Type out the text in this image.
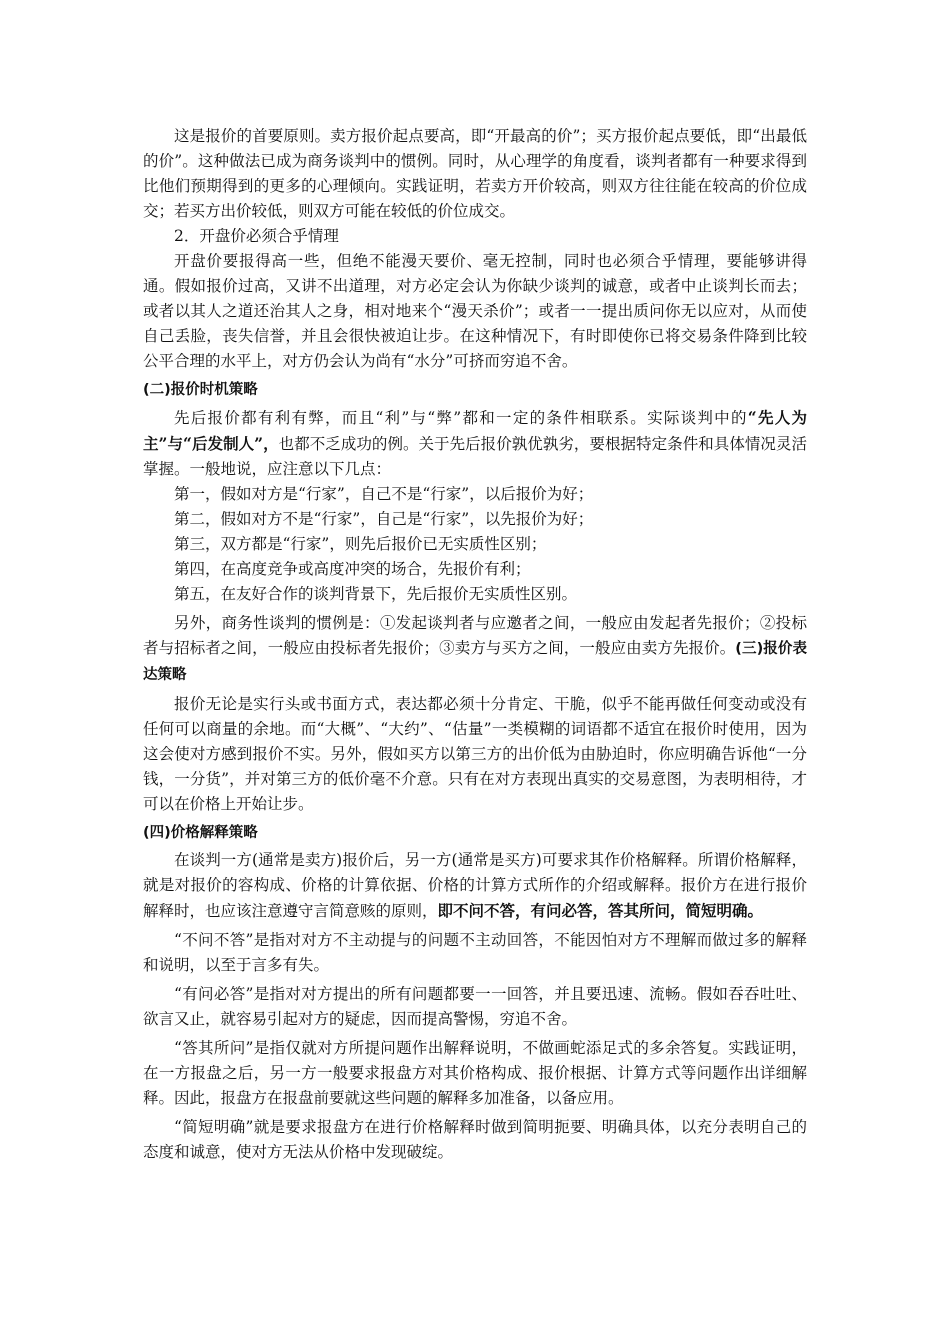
这是报价的首要原则。卖方报价起点要高，即“开最高的价”；买方报价起点要低，即“出最低的价”。这种做法已成为商务谈判中的惯例。同时，从心理学的角度看，谈判者都有一种要求得到比他们预期得到的更多的心理倾向。实践证明，若卖方开价较高，则双方往往能在较高的价位成交；若买方出价较低，则双方可能在较低的价位成交。

2．开盘价必须合乎情理

开盘价要报得高一些，但绝不能漫天要价、毫无控制，同时也必须合乎情理，要能够讲得通。假如报价过高，又讲不出道理，对方必定会认为你缺少谈判的诚意，或者中止谈判长而去；或者以其人之道还治其人之身，相对地来个“漫天杀价”；或者一一提出质问你无以应对，从而使自己丢脸，丧失信誉，并且会很快被迫让步。在这种情况下，有时即使你已将交易条件降到比较公平合理的水平上，对方仍会认为尚有“水分”可挤而穷追不舍。

(二)报价时机策略

先后报价都有利有弊，而且“利”与“弊”都和一定的条件相联系。实际谈判中的“先人为主”与“后发制人”，也都不乏成功的例。关于先后报价孰优孰劣，要根据特定条件和具体情况灵活掌握。一般地说，应注意以下几点：

第一，假如对方是“行家”，自己不是“行家”，以后报价为好；

第二，假如对方不是“行家”，自己是“行家”，以先报价为好；

第三，双方都是“行家”，则先后报价已无实质性区别；

第四，在高度竞争或高度冲突的场合，先报价有利；

第五，在友好合作的谈判背景下，先后报价无实质性区别。

另外，商务性谈判的惯例是：①发起谈判者与应邀者之间，一般应由发起者先报价；②投标者与招标者之间，一般应由投标者先报价；③卖方与买方之间，一般应由卖方先报价。(三)报价表达策略

报价无论是实行头或书面方式，表达都必须十分肯定、干脆，似乎不能再做任何变动或没有任何可以商量的余地。而“大概”、“大约”、“估量”一类模糊的词语都不适宜在报价时使用，因为这会使对方感到报价不实。另外，假如买方以第三方的出价低为由胁迫时，你应明确告诉他“一分钱，一分货”，并对第三方的低价毫不介意。只有在对方表现出真实的交易意图，为表明相待，才可以在价格上开始让步。

(四)价格解释策略

在谈判一方(通常是卖方)报价后，另一方(通常是买方)可要求其作价格解释。所谓价格解释，就是对报价的容构成、价格的计算依据、价格的计算方式所作的介绍或解释。报价方在进行报价解释时，也应该注意遵守言简意赅的原则，即不问不答，有问必答，答其所问，简短明确。

“不问不答”是指对对方不主动提与的问题不主动回答，不能因怕对方不理解而做过多的解释和说明，以至于言多有失。

“有问必答”是指对对方提出的所有问题都要一一回答，并且要迅速、流畅。假如吞吞吐吐、欲言又止，就容易引起对方的疑虑，因而提高警惕，穷追不舍。

“答其所问”是指仅就对方所提问题作出解释说明，不做画蛇添足式的多余答复。实践证明，在一方报盘之后，另一方一般要求报盘方对其价格构成、报价根据、计算方式等问题作出详细解释。因此，报盘方在报盘前要就这些问题的解释多加准备，以备应用。

“简短明确”就是要求报盘方在进行价格解释时做到简明扼要、明确具体，以充分表明自己的态度和诚意，使对方无法从价格中发现破绽。
